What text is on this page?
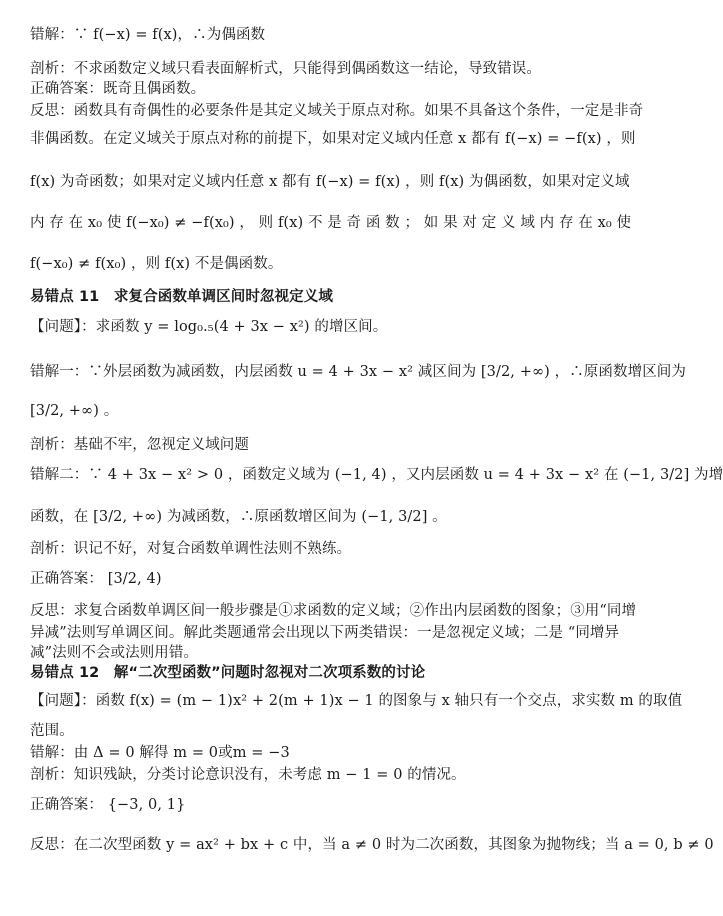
错解：∵ f(−x) = f(x)，∴为偶函数
剖析：不求函数定义域只看表面解析式，只能得到偶函数这一结论，导致错误。
正确答案：既奇且偶函数。
反思：函数具有奇偶性的必要条件是其定义域关于原点对称。如果不具备这个条件，一定是非奇
非偶函数。在定义域关于原点对称的前提下，如果对定义域内任意 x 都有 f(−x) = −f(x) ，则
f(x) 为奇函数；如果对定义域内任意 x 都有 f(−x) = f(x) ，则 f(x) 为偶函数，如果对定义域
内 存 在 x₀ 使 f(−x₀) ≠ −f(x₀) ， 则 f(x) 不 是 奇 函 数 ； 如 果 对 定 义 域 内 存 在 x₀ 使
f(−x₀) ≠ f(x₀) ，则 f(x) 不是偶函数。
易错点 11　求复合函数单调区间时忽视定义域
【问题】：求函数 y = log₀.₅(4 + 3x − x²) 的增区间。
错解一：∵外层函数为减函数，内层函数 u = 4 + 3x − x² 减区间为 [3/2, +∞) ，∴原函数增区间为
[3/2, +∞) 。
剖析：基础不牢，忽视定义域问题
错解二：∵ 4 + 3x − x² > 0 ，函数定义域为 (−1, 4) ，又内层函数 u = 4 + 3x − x² 在 (−1, 3/2] 为增
函数，在 [3/2, +∞) 为减函数，∴原函数增区间为 (−1, 3/2] 。
剖析：识记不好，对复合函数单调性法则不熟练。
正确答案： [3/2, 4)
反思：求复合函数单调区间一般步骤是①求函数的定义域；②作出内层函数的图象；③用“同增
异减”法则写单调区间。解此类题通常会出现以下两类错误：一是忽视定义域；二是 “同增异
减”法则不会或法则用错。
易错点 12　解“二次型函数”问题时忽视对二次项系数的讨论
【问题】：函数 f(x) = (m − 1)x² + 2(m + 1)x − 1 的图象与 x 轴只有一个交点，求实数 m 的取值
范围。
错解：由 Δ = 0 解得 m = 0或m = −3
剖析：知识残缺，分类讨论意识没有，未考虑 m − 1 = 0 的情况。
正确答案： {−3, 0, 1}
反思：在二次型函数 y = ax² + bx + c 中，当 a ≠ 0 时为二次函数，其图象为抛物线；当 a = 0, b ≠ 0
